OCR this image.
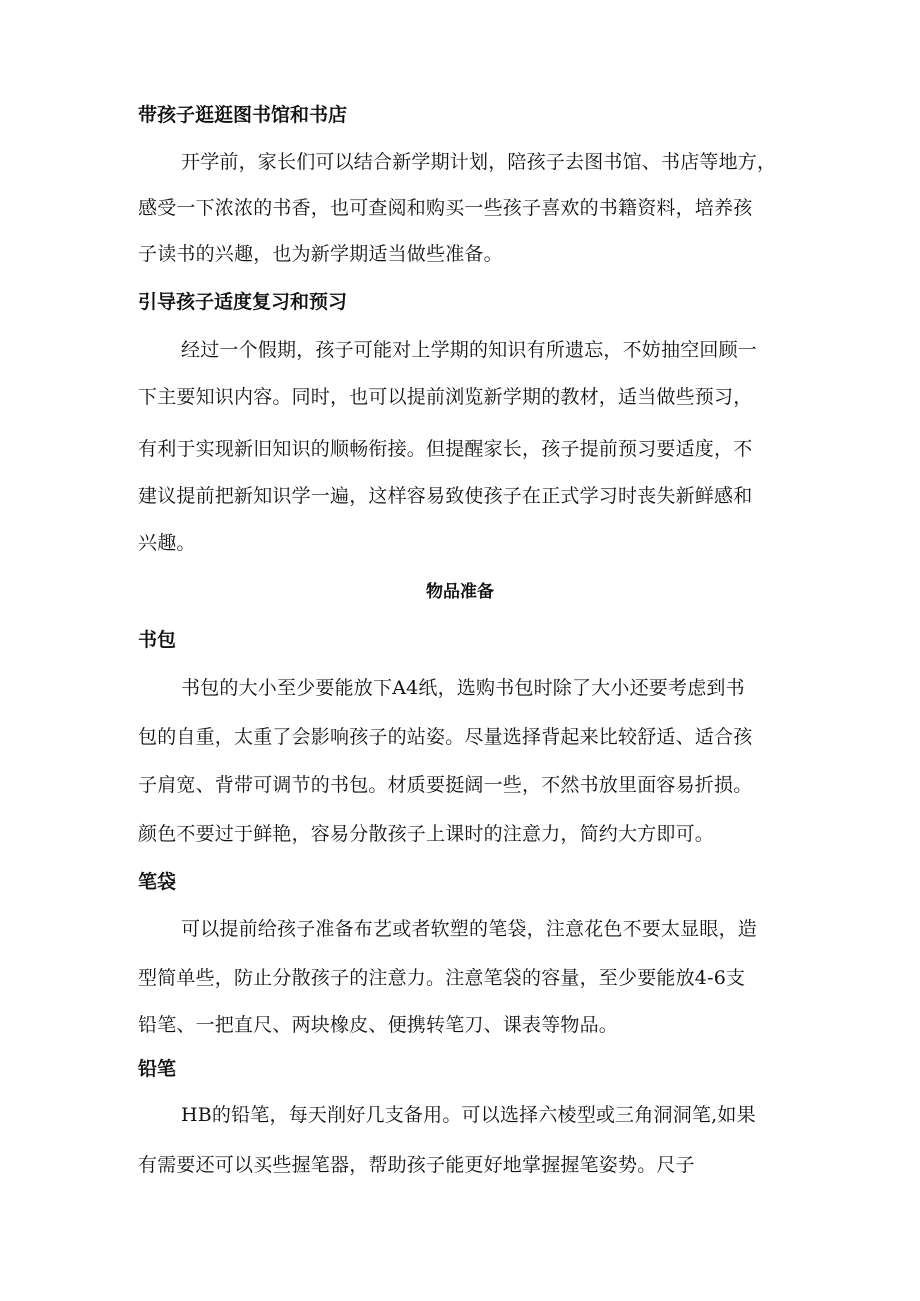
带孩子逛逛图书馆和书店
开学前，家长们可以结合新学期计划，陪孩子去图书馆、书店等地方，
感受一下浓浓的书香，也可查阅和购买一些孩子喜欢的书籍资料，培养孩
子读书的兴趣，也为新学期适当做些准备。
引导孩子适度复习和预习
经过一个假期，孩子可能对上学期的知识有所遗忘，不妨抽空回顾一
下主要知识内容。同时，也可以提前浏览新学期的教材，适当做些预习，
有利于实现新旧知识的顺畅衔接。但提醒家长，孩子提前预习要适度，不
建议提前把新知识学一遍，这样容易致使孩子在正式学习时丧失新鲜感和
兴趣。
物品准备
书包
书包的大小至少要能放下A4纸，选购书包时除了大小还要考虑到书
包的自重，太重了会影响孩子的站姿。尽量选择背起来比较舒适、适合孩
子肩宽、背带可调节的书包。材质要挺阔一些，不然书放里面容易折损。
颜色不要过于鲜艳，容易分散孩子上课时的注意力，简约大方即可。
笔袋
可以提前给孩子准备布艺或者软塑的笔袋，注意花色不要太显眼，造
型简单些，防止分散孩子的注意力。注意笔袋的容量，至少要能放4-6支
铅笔、一把直尺、两块橡皮、便携转笔刀、课表等物品。
铅笔
HB的铅笔，每天削好几支备用。可以选择六棱型或三角洞洞笔,如果
有需要还可以买些握笔器，帮助孩子能更好地掌握握笔姿势。尺子
